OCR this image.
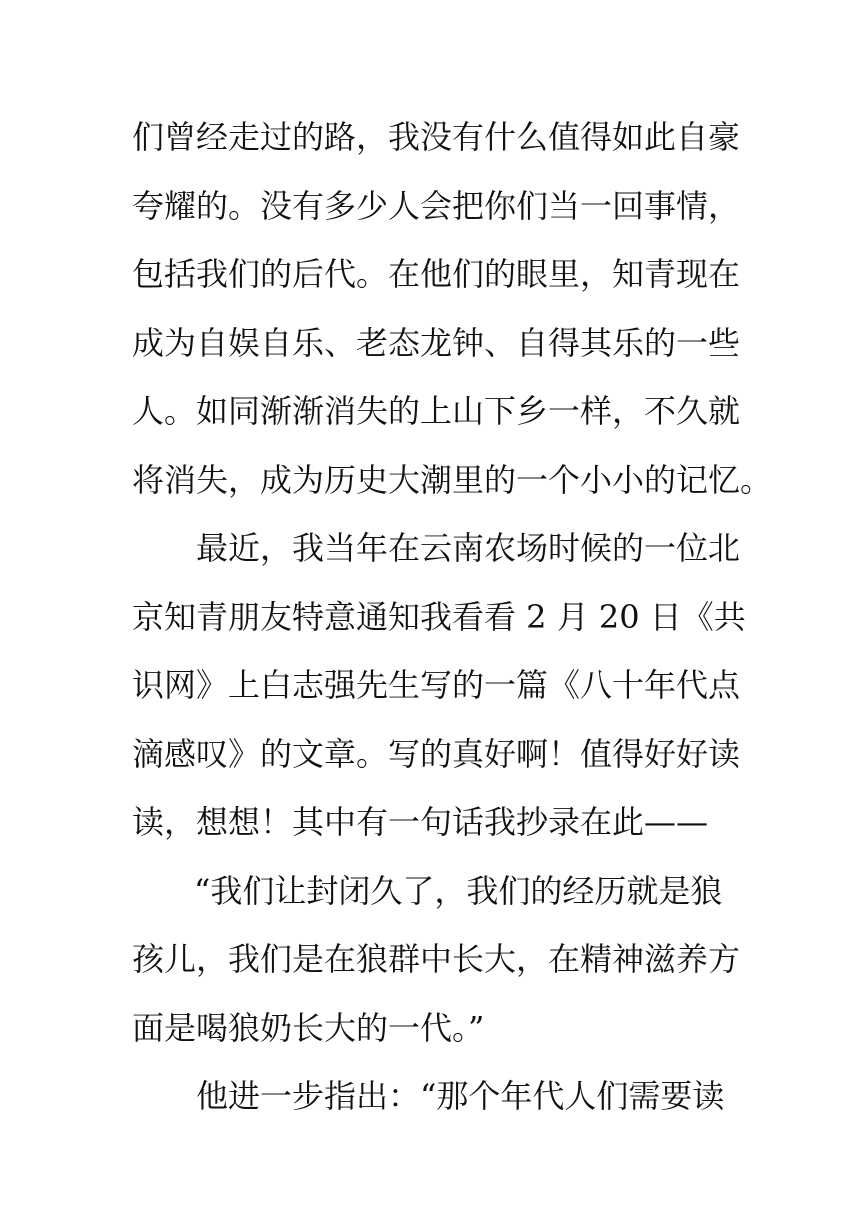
们曾经走过的路，我没有什么值得如此自豪
夸耀的。没有多少人会把你们当一回事情，
包括我们的后代。在他们的眼里，知青现在
成为自娱自乐、老态龙钟、自得其乐的一些
人。如同渐渐消失的上山下乡一样，不久就
将消失，成为历史大潮里的一个小小的记忆。
最近，我当年在云南农场时候的一位北
京知青朋友特意通知我看看 2 月 20 日《共
识网》上白志强先生写的一篇《八十年代点
滴感叹》的文章。写的真好啊！值得好好读
读，想想！其中有一句话我抄录在此——
“我们让封闭久了，我们的经历就是狼
孩儿，我们是在狼群中长大，在精神滋养方
面是喝狼奶长大的一代。”
他进一步指出：“那个年代人们需要读
